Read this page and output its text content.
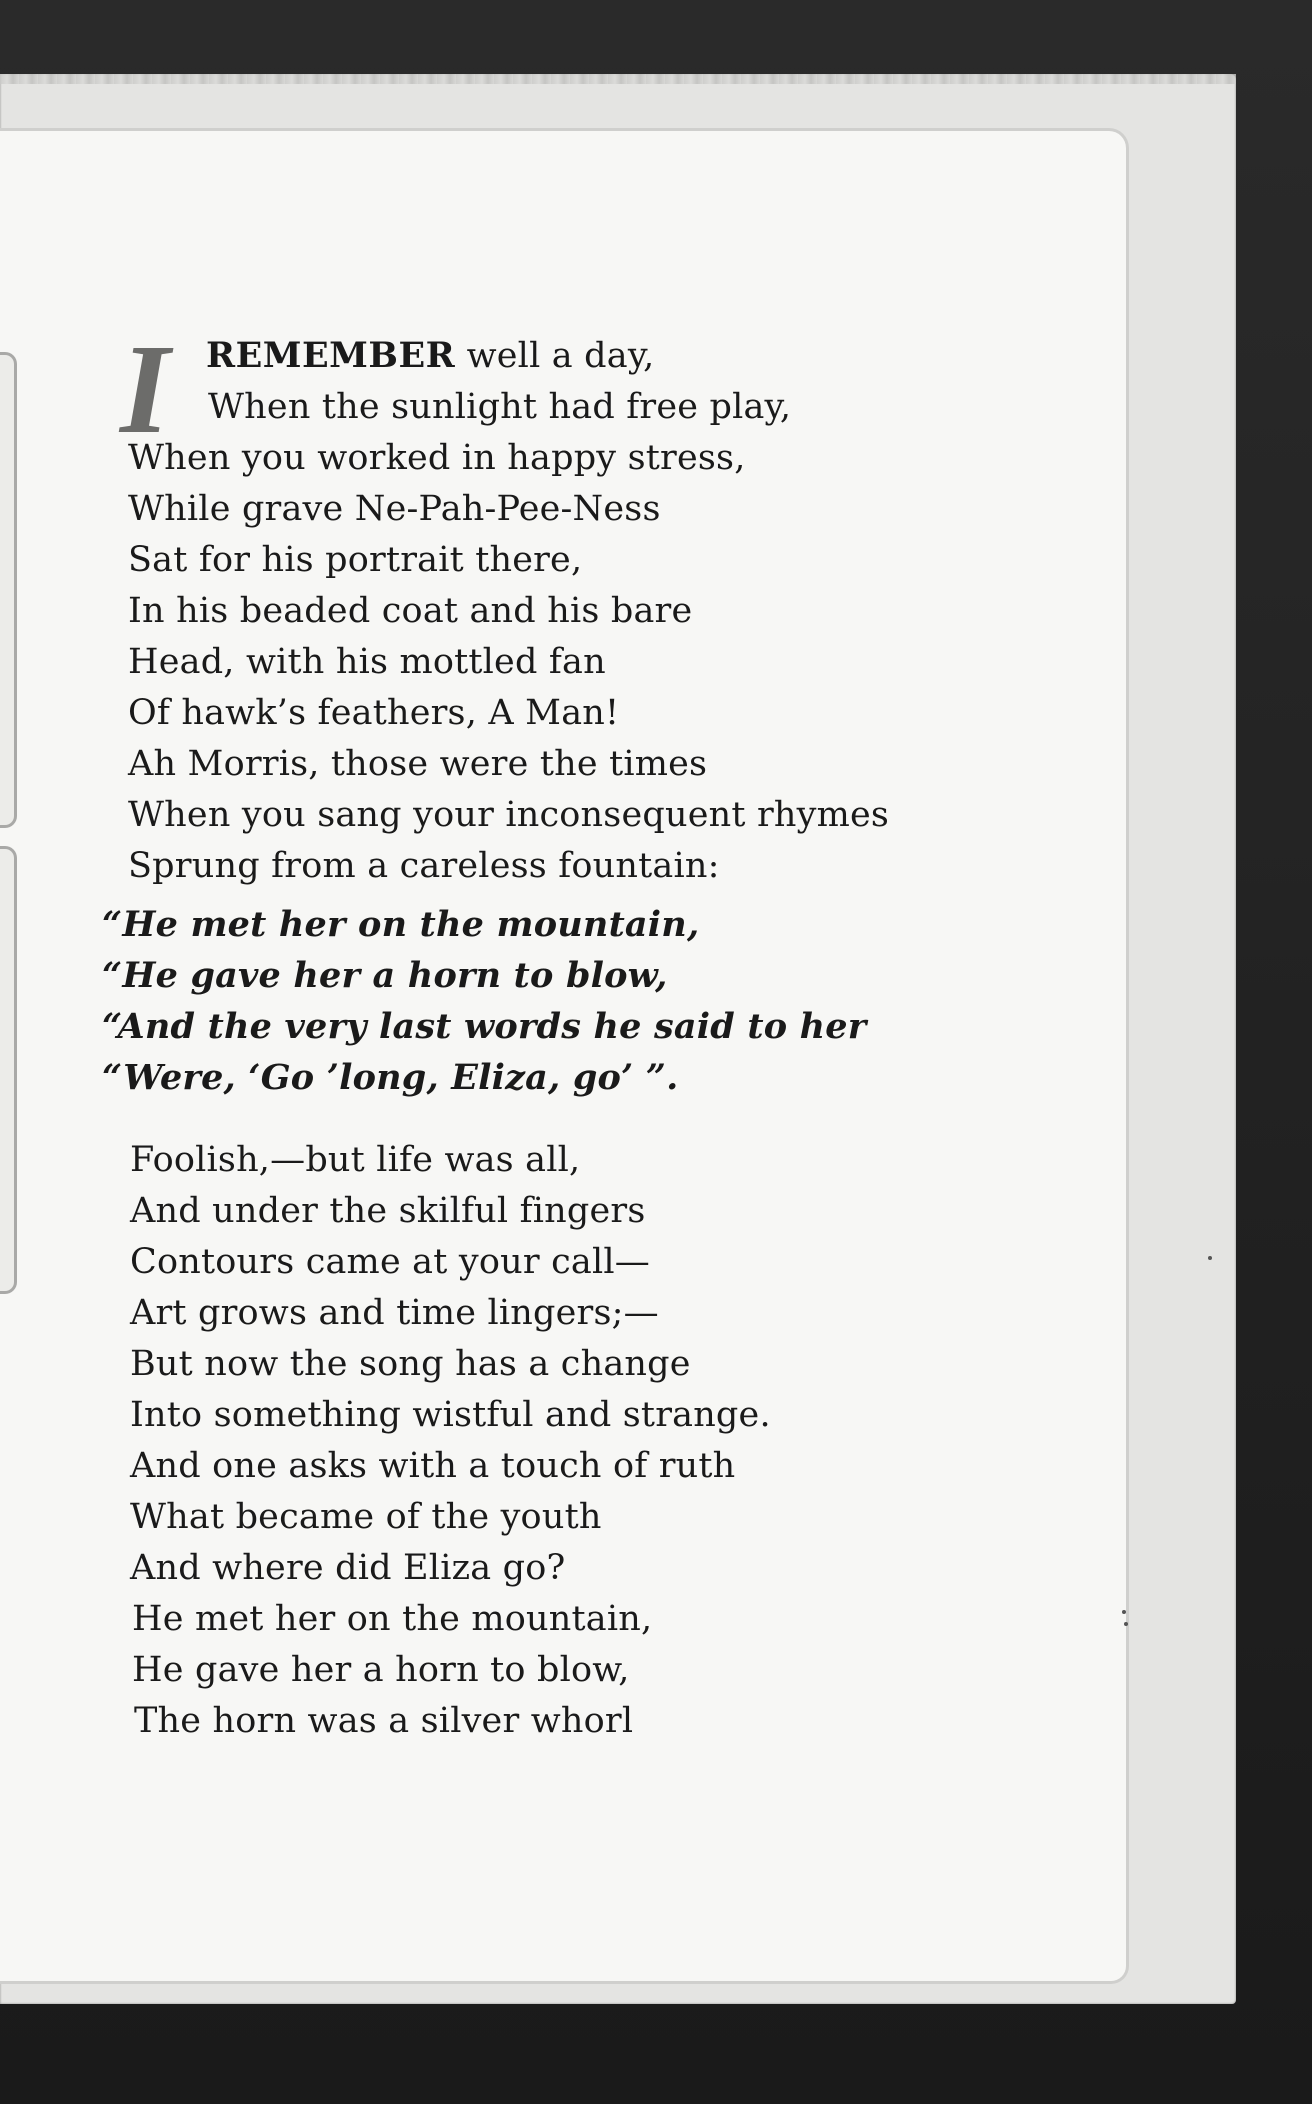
I REMEMBER well a day,
When the sunlight had free play,
When you worked in happy stress,
While grave Ne-Pah-Pee-Ness
Sat for his portrait there,
In his beaded coat and his bare
Head, with his mottled fan
Of hawk’s feathers, A Man!
Ah Morris, those were the times
When you sang your inconsequent rhymes
Sprung from a careless fountain:
“He met her on the mountain,
“He gave her a horn to blow,
“And the very last words he said to her
“Were, ‘Go ’long, Eliza, go’ ”.
Foolish,—but life was all,
And under the skilful fingers
Contours came at your call—
Art grows and time lingers;—
But now the song has a change
Into something wistful and strange.
And one asks with a touch of ruth
What became of the youth
And where did Eliza go?
He met her on the mountain,
He gave her a horn to blow,
The horn was a silver whorl
